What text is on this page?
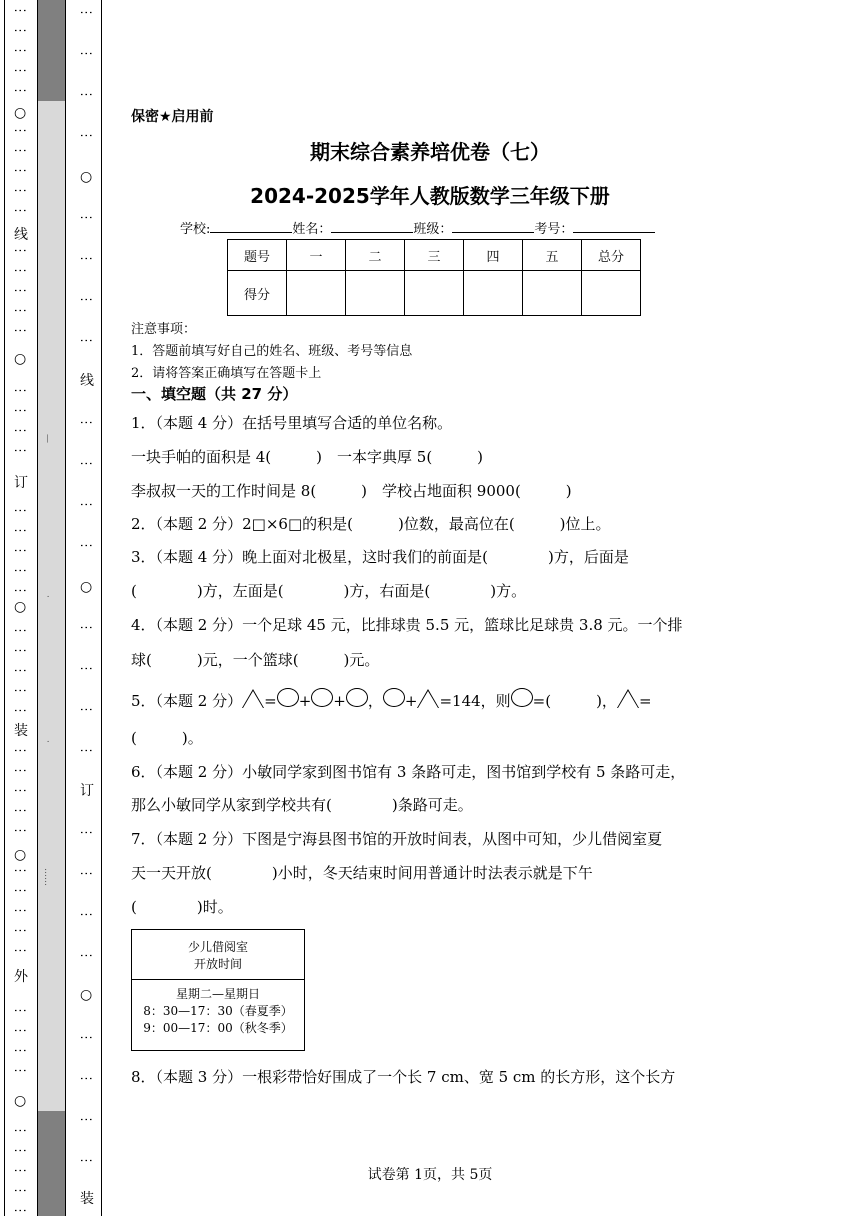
○
线
○
订
○
装
○
外
○
⋮
⋮
⋮
⋮
⋮
⋮
⋮
⋮
⋮
⋮
⋮
⋮
⋮
⋮
⋮
⋮
⋮
⋮
⋮
⋮
⋮
⋮
⋮
⋮
⋮
⋮
⋮
⋮
⋮
⋮
⋮
⋮
⋮
⋮
⋮
⋮
⋮
⋮
⋮
⋮
⋮
⋮
⋮
⋮
⋮
⋮
⋮
⋮
○
线
○
订
○
装
⋮
⋮
⋮
⋮
⋮
⋮
⋮
⋮
⋮
⋮
⋮
⋮
⋮
⋮
⋮
⋮
⋮
⋮
⋮
⋮
⋮
⋮
⋮
⋮
保密★启用前
期末综合素养培优卷（七）
2024-2025学年人教版数学三年级下册
学校:	姓名：	班级：	考号：
题号	一	二	三	四	五	总分
得分						
注意事项：
1．答题前填写好自己的姓名、班级、考号等信息
2．请将答案正确填写在答题卡上
一、填空题（共 27 分）
1．（本题 4 分）在括号里填写合适的单位名称。
一块手帕的面积是 4(　　　)　一本字典厚 5(　　　)
李叔叔一天的工作时间是 8(　　　)　学校占地面积 9000(　　　)
2．（本题 2 分）2□×6□的积是(　　　)位数，最高位在(　　　)位上。
3．（本题 4 分）晚上面对北极星，这时我们的前面是(　　　　)方，后面是
(　　　　)方，左面是(　　　　)方，右面是(　　　　)方。
4．（本题 2 分）一个足球 45 元，比排球贵 5.5 元，篮球比足球贵 3.8 元。一个排
球(　　　)元，一个篮球(　　　)元。
5．（本题 2 分） = + + ， + =144，则 =(　　　)， =
(　　　)。
6．（本题 2 分）小敏同学家到图书馆有 3 条路可走，图书馆到学校有 5 条路可走，
那么小敏同学从家到学校共有(　　　　)条路可走。
7．（本题 2 分）下图是宁海县图书馆的开放时间表，从图中可知，少儿借阅室夏
天一天开放(　　　　)小时，冬天结束时间用普通计时法表示就是下午
(　　　　)时。
少儿借阅室
开放时间
星期二—星期日
8：30—17：30（春夏季）
9：00—17：00（秋冬季）
8．（本题 3 分）一根彩带恰好围成了一个长 7 cm、宽 5 cm 的长方形，这个长方
试卷第 1页，共 5页
